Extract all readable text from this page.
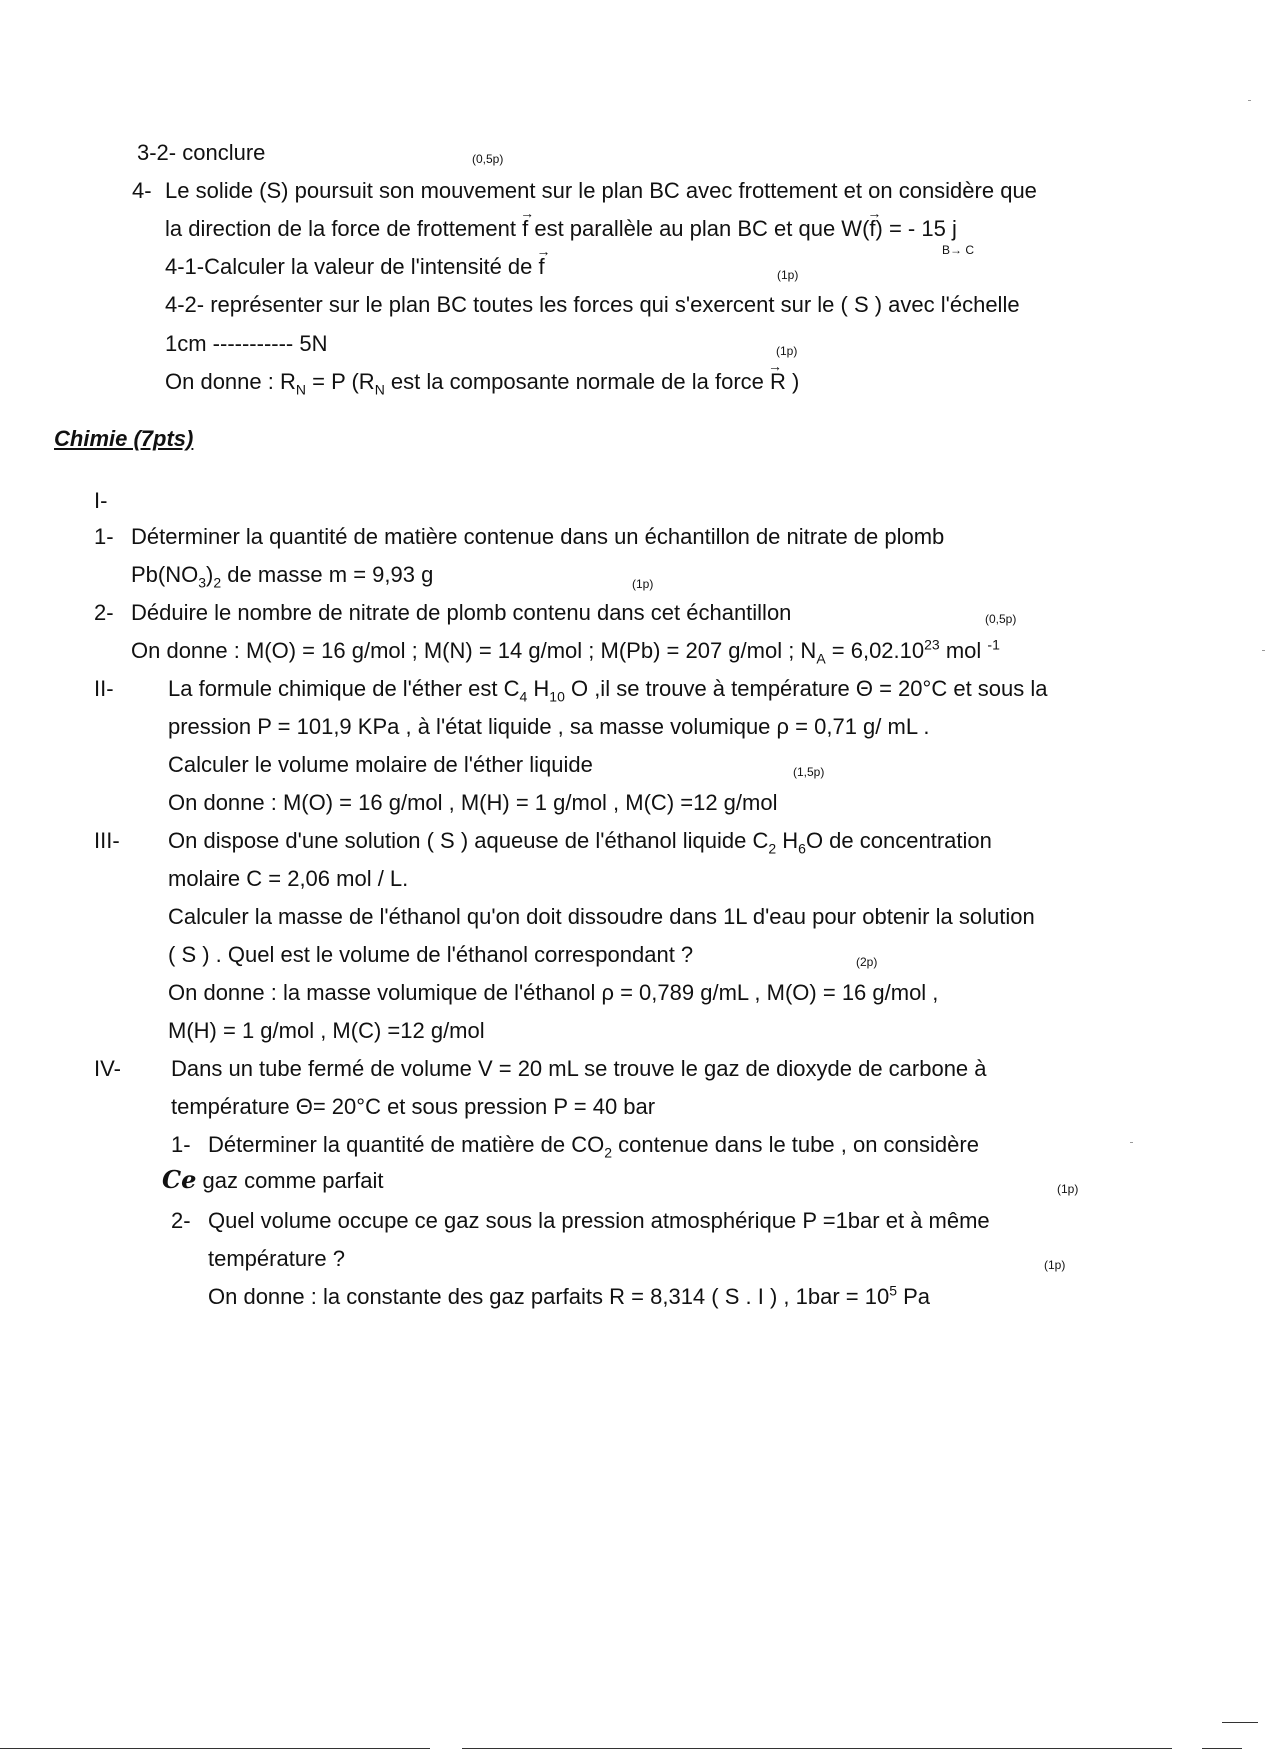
3-2- conclure	(0,5p)
4- Le solide (S) poursuit son mouvement sur le plan BC avec frottement et on considère que
la direction de la force de frottement
→
f est parallèle au plan BC et que W(
→
f) = - 15 j
B→ C
4-1-Calculer la valeur de l'intensité de
→
f	(1p)
4-2- représenter sur le plan BC toutes les forces qui s'exercent sur le ( S ) avec l'échelle
1cm ----------- 5N	(1p)
On donne : $R_N = P$ ($R_N$ est la composante normale de la force
→
R )
Chimie (7pts)
I-
1- Déterminer la quantité de matière contenue dans un échantillon de nitrate de plomb
$Pb(NO_3)_2$ de masse m = 9,93 g	(1p)
2- Déduire le nombre de nitrate de plomb contenu dans cet échantillon	(0,5p)
On donne : M(O) = 16 g/mol ; M(N) = 14 g/mol ; M(Pb) = 207 g/mol ; $N_A = 6,02.10^{23}$ mol $^{-1}$
II- La formule chimique de l'éther est $C_4$ $H_{10}$ O ,il se trouve à température Θ = 20°C et sous la
pression P = 101,9 KPa , à l'état liquide , sa masse volumique ρ = 0,71 g/ mL .
Calculer le volume molaire de l'éther liquide	(1,5p)
On donne : M(O) = 16 g/mol , M(H) = 1 g/mol , M(C) =12 g/mol
III- On dispose d'une solution ( S ) aqueuse de l'éthanol liquide $C_2$ $H_6O$ de concentration
molaire C = 2,06 mol / L.
Calculer la masse de l'éthanol qu'on doit dissoudre dans 1L d'eau pour obtenir la solution
( S ) . Quel est le volume de l'éthanol correspondant ?	(2p)
On donne : la masse volumique de l'éthanol ρ = 0,789 g/mL , M(O) = 16 g/mol ,
M(H) = 1 g/mol , M(C) =12 g/mol
IV- Dans un tube fermé de volume V = 20 mL se trouve le gaz de dioxyde de carbone à
température Θ= 20°C et sous pression P = 40 bar
1- Déterminer la quantité de matière de $CO_2$ contenue dans le tube , on considère
Ce gaz comme parfait	(1p)
2- Quel volume occupe ce gaz sous la pression atmosphérique P =1bar et à même
température ?	(1p)
On donne : la constante des gaz parfaits R = 8,314 ( S . I ) , $1bar = 10^5$ Pa
